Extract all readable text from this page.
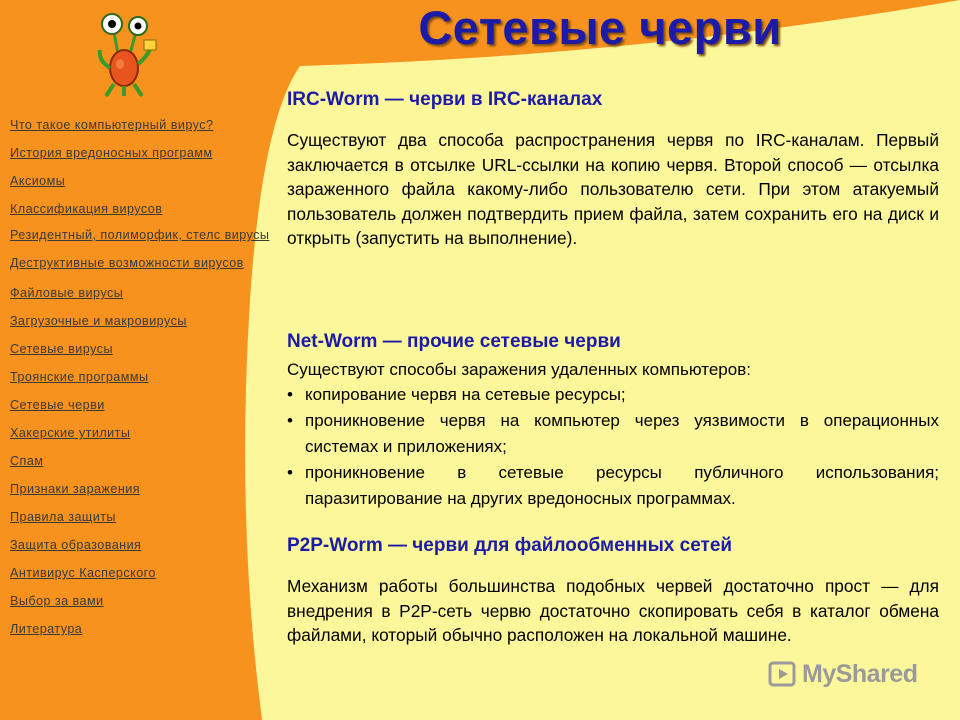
Сетевые черви
Что такое компьютерный вирус?
История вредоносных программ
Аксиомы
Классификация вирусов
Резидентный, полиморфик, стелс вирусы
Деструктивные возможности вирусов
Файловые вирусы
Загрузочные и макровирусы
Сетевые вирусы
Троянские программы
Сетевые черви
Хакерские утилиты
Спам
Признаки заражения
Правила защиты
Защита образования
Антивирус Касперского
Выбор за вами
Литература
IRC-Worm — черви в IRC-каналах

Существуют два способа распространения червя по IRC-каналам. Первый заключается в отсылке URL-ссылки на копию червя. Второй способ — отсылка зараженного файла какому-либо пользователю сети. При этом атакуемый пользователь должен подтвердить прием файла, затем сохранить его на диск и открыть (запустить на выполнение).

Net-Worm — прочие сетевые черви

Существуют способы заражения удаленных компьютеров:

• копирование червя на сетевые ресурсы;
• проникновение червя на компьютер через уязвимости в операционных системах и приложениях;
• проникновение в сетевые ресурсы публичного использования; паразитирование на других вредоносных программах.
P2P-Worm — черви для файлообменных сетей

Механизм работы большинства подобных червей достаточно прост — для внедрения в P2P-сеть червю достаточно скопировать себя в каталог обмена файлами, который обычно расположен на локальной машине.

MyShared
